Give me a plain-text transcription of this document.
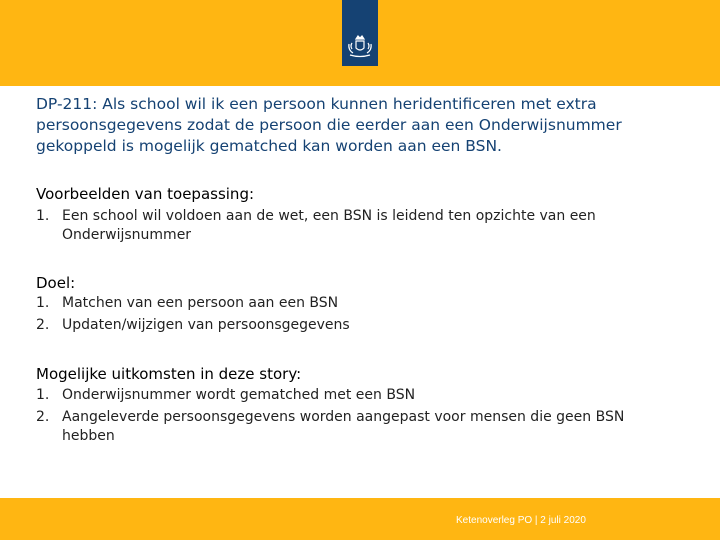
DP-211: Als school wil ik een persoon kunnen heridentificeren met extra persoonsgegevens zodat de persoon die eerder aan een Onderwijsnummer gekoppeld is mogelijk gematched kan worden aan een BSN.
Voorbeelden van toepassing:
1. Een school wil voldoen aan de wet, een BSN is leidend ten opzichte van een Onderwijsnummer
Doel:
1. Matchen van een persoon aan een BSN
2. Updaten/wijzigen van persoonsgegevens
Mogelijke uitkomsten in deze story:
1. Onderwijsnummer wordt gematched met een BSN
2. Aangeleverde persoonsgegevens worden aangepast voor mensen die geen BSN hebben
Ketenoverleg PO | 2 juli 2020
